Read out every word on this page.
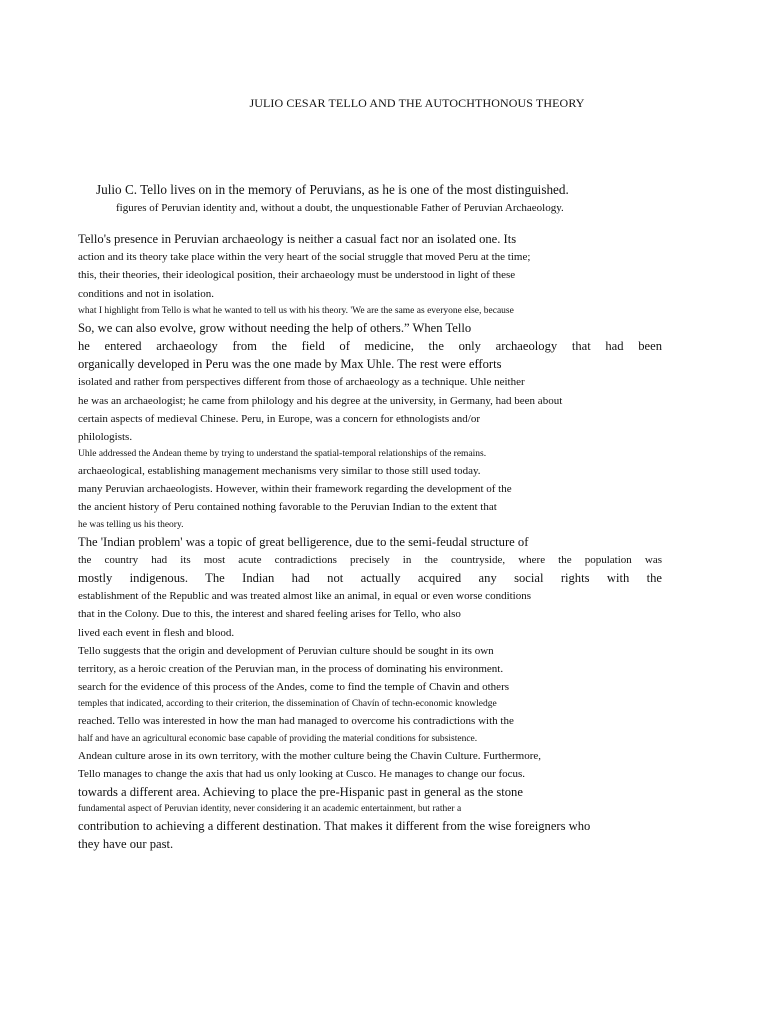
JULIO CESAR TELLO AND THE AUTOCHTHONOUS THEORY
Julio C. Tello lives on in the memory of Peruvians, as he is one of the most distinguished.
figures of Peruvian identity and, without a doubt, the unquestionable Father of Peruvian Archaeology.
Tello's presence in Peruvian archaeology is neither a casual fact nor an isolated one. Its
action and its theory take place within the very heart of the social struggle that moved Peru at the time;
this, their theories, their ideological position, their archaeology must be understood in light of these
conditions and not in isolation.
what I highlight from Tello is what he wanted to tell us with his theory. 'We are the same as everyone else, because
So, we can also evolve, grow without needing the help of others.” When Tello
he entered archaeology from the field of medicine, the only archaeology that had been
organically developed in Peru was the one made by Max Uhle. The rest were efforts
isolated and rather from perspectives different from those of archaeology as a technique. Uhle neither
he was an archaeologist; he came from philology and his degree at the university, in Germany, had been about
certain aspects of medieval Chinese. Peru, in Europe, was a concern for ethnologists and/or
philologists.
Uhle addressed the Andean theme by trying to understand the spatial-temporal relationships of the remains.
archaeological, establishing management mechanisms very similar to those still used today.
many Peruvian archaeologists. However, within their framework regarding the development of the
the ancient history of Peru contained nothing favorable to the Peruvian Indian to the extent that
he was telling us his theory.
The 'Indian problem' was a topic of great belligerence, due to the semi-feudal structure of
the country had its most acute contradictions precisely in the countryside, where the population was
mostly indigenous. The Indian had not actually acquired any social rights with the
establishment of the Republic and was treated almost like an animal, in equal or even worse conditions
that in the Colony. Due to this, the interest and shared feeling arises for Tello, who also
lived each event in flesh and blood.
Tello suggests that the origin and development of Peruvian culture should be sought in its own
territory, as a heroic creation of the Peruvian man, in the process of dominating his environment.
search for the evidence of this process of the Andes, come to find the temple of Chavin and others
temples that indicated, according to their criterion, the dissemination of Chavín of techn-economic knowledge
reached. Tello was interested in how the man had managed to overcome his contradictions with the
half and have an agricultural economic base capable of providing the material conditions for subsistence.
Andean culture arose in its own territory, with the mother culture being the Chavin Culture. Furthermore,
Tello manages to change the axis that had us only looking at Cusco. He manages to change our focus.
towards a different area. Achieving to place the pre-Hispanic past in general as the stone
fundamental aspect of Peruvian identity, never considering it an academic entertainment, but rather a
contribution to achieving a different destination. That makes it different from the wise foreigners who
they have our past.
